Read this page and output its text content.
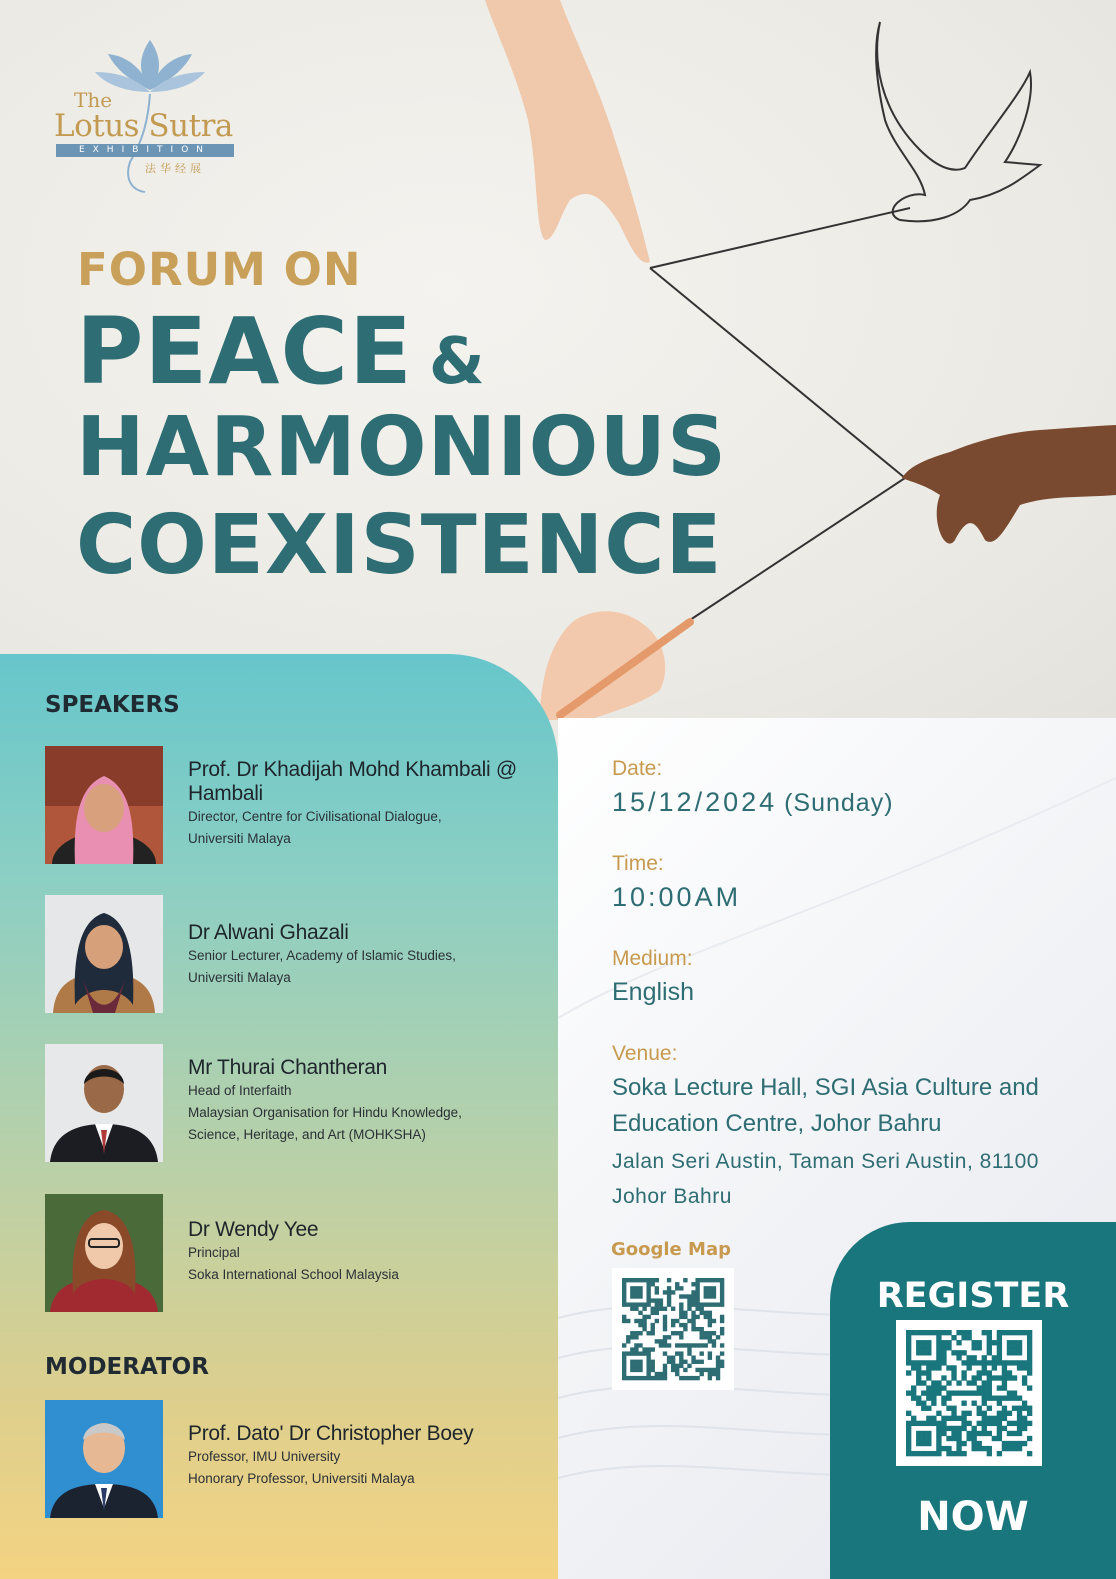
The
Lotus Sutra
EXHIBITION
法华经展
FORUM ON
PEACE &
HARMONIOUS
COEXISTENCE
SPEAKERS
Prof. Dr Khadijah Mohd Khambali @ Hambali
Director, Centre for Civilisational Dialogue,
Universiti Malaya
Dr Alwani Ghazali
Senior Lecturer, Academy of Islamic Studies,
Universiti Malaya
Mr Thurai Chantheran
Head of Interfaith
Malaysian Organisation for Hindu Knowledge,
Science, Heritage, and Art (MOHKSHA)
Dr Wendy Yee
Principal
Soka International School Malaysia
MODERATOR
Prof. Dato' Dr Christopher Boey
Professor, IMU University
Honorary Professor, Universiti Malaya
Date:
15/12/2024 (Sunday)
Time:
10:00AM
Medium:
English
Venue:
Soka Lecture Hall, SGI Asia Culture and Education Centre, Johor Bahru
Jalan Seri Austin, Taman Seri Austin, 81100 Johor Bahru
Google Map
REGISTER
NOW
